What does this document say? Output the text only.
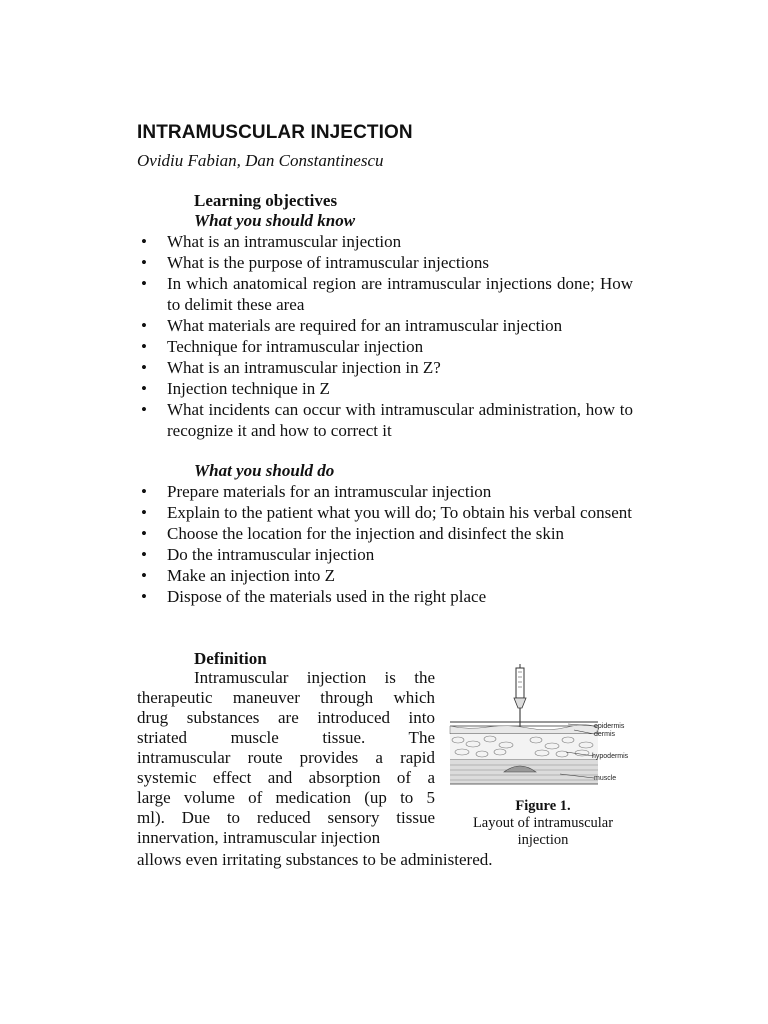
INTRAMUSCULAR INJECTION
Ovidiu Fabian, Dan Constantinescu
Learning objectives
What you should know
• What is an intramuscular injection
• What is the purpose of intramuscular injections
• In which anatomical region are intramuscular injections done; How to delimit these area
• What materials are required for an intramuscular injection
• Technique for intramuscular injection
• What is an intramuscular injection in Z?
• Injection technique in Z
• What incidents can occur with intramuscular administration, how to recognize it and how to correct it
What you should do
• Prepare materials for an intramuscular injection
• Explain to the patient what you will do; To obtain his verbal consent
• Choose the location for the injection and disinfect the skin
• Do the intramuscular injection
• Make an injection into Z
• Dispose of the materials used in the right place
Definition
Intramuscular injection is the
therapeutic maneuver through which
drug substances are introduced into
striated muscle tissue. The
intramuscular route provides a rapid
systemic effect and absorption of a
large volume of medication (up to 5
ml). Due to reduced sensory tissue
innervation, intramuscular injection
allows even irritating substances to be administered.
epidermis
dermis
hypodermis
muscle
Figure 1.
Layout of intramuscular injection
